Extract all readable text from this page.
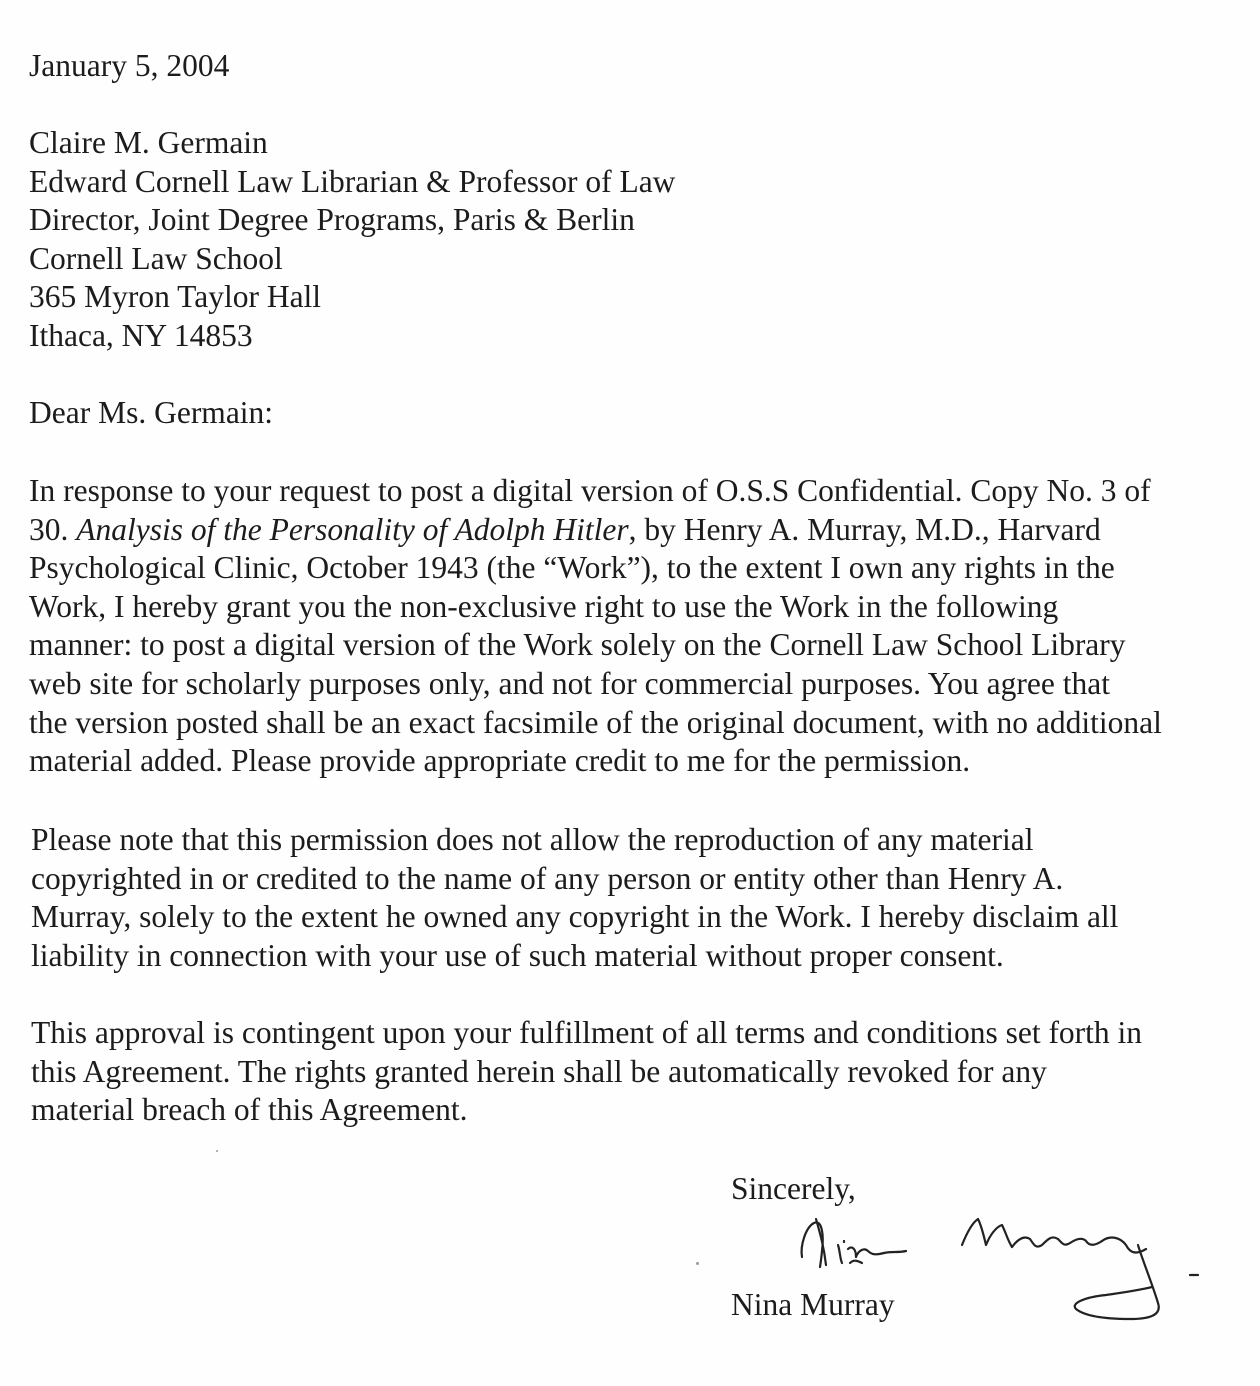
January 5, 2004

Claire M. Germain
Edward Cornell Law Librarian & Professor of Law
Director, Joint Degree Programs, Paris & Berlin
Cornell Law School
365 Myron Taylor Hall
Ithaca, NY 14853

Dear Ms. Germain:

In response to your request to post a digital version of O.S.S Confidential. Copy No. 3 of
30. Analysis of the Personality of Adolph Hitler, by Henry A. Murray, M.D., Harvard
Psychological Clinic, October 1943 (the “Work”), to the extent I own any rights in the
Work, I hereby grant you the non-exclusive right to use the Work in the following
manner: to post a digital version of the Work solely on the Cornell Law School Library
web site for scholarly purposes only, and not for commercial purposes. You agree that
the version posted shall be an exact facsimile of the original document, with no additional
material added. Please provide appropriate credit to me for the permission.
Please note that this permission does not allow the reproduction of any material
copyrighted in or credited to the name of any person or entity other than Henry A.
Murray, solely to the extent he owned any copyright in the Work. I hereby disclaim all
liability in connection with your use of such material without proper consent.
This approval is contingent upon your fulfillment of all terms and conditions set forth in
this Agreement. The rights granted herein shall be automatically revoked for any
material breach of this Agreement.

Sincerely,

Nina Murray
